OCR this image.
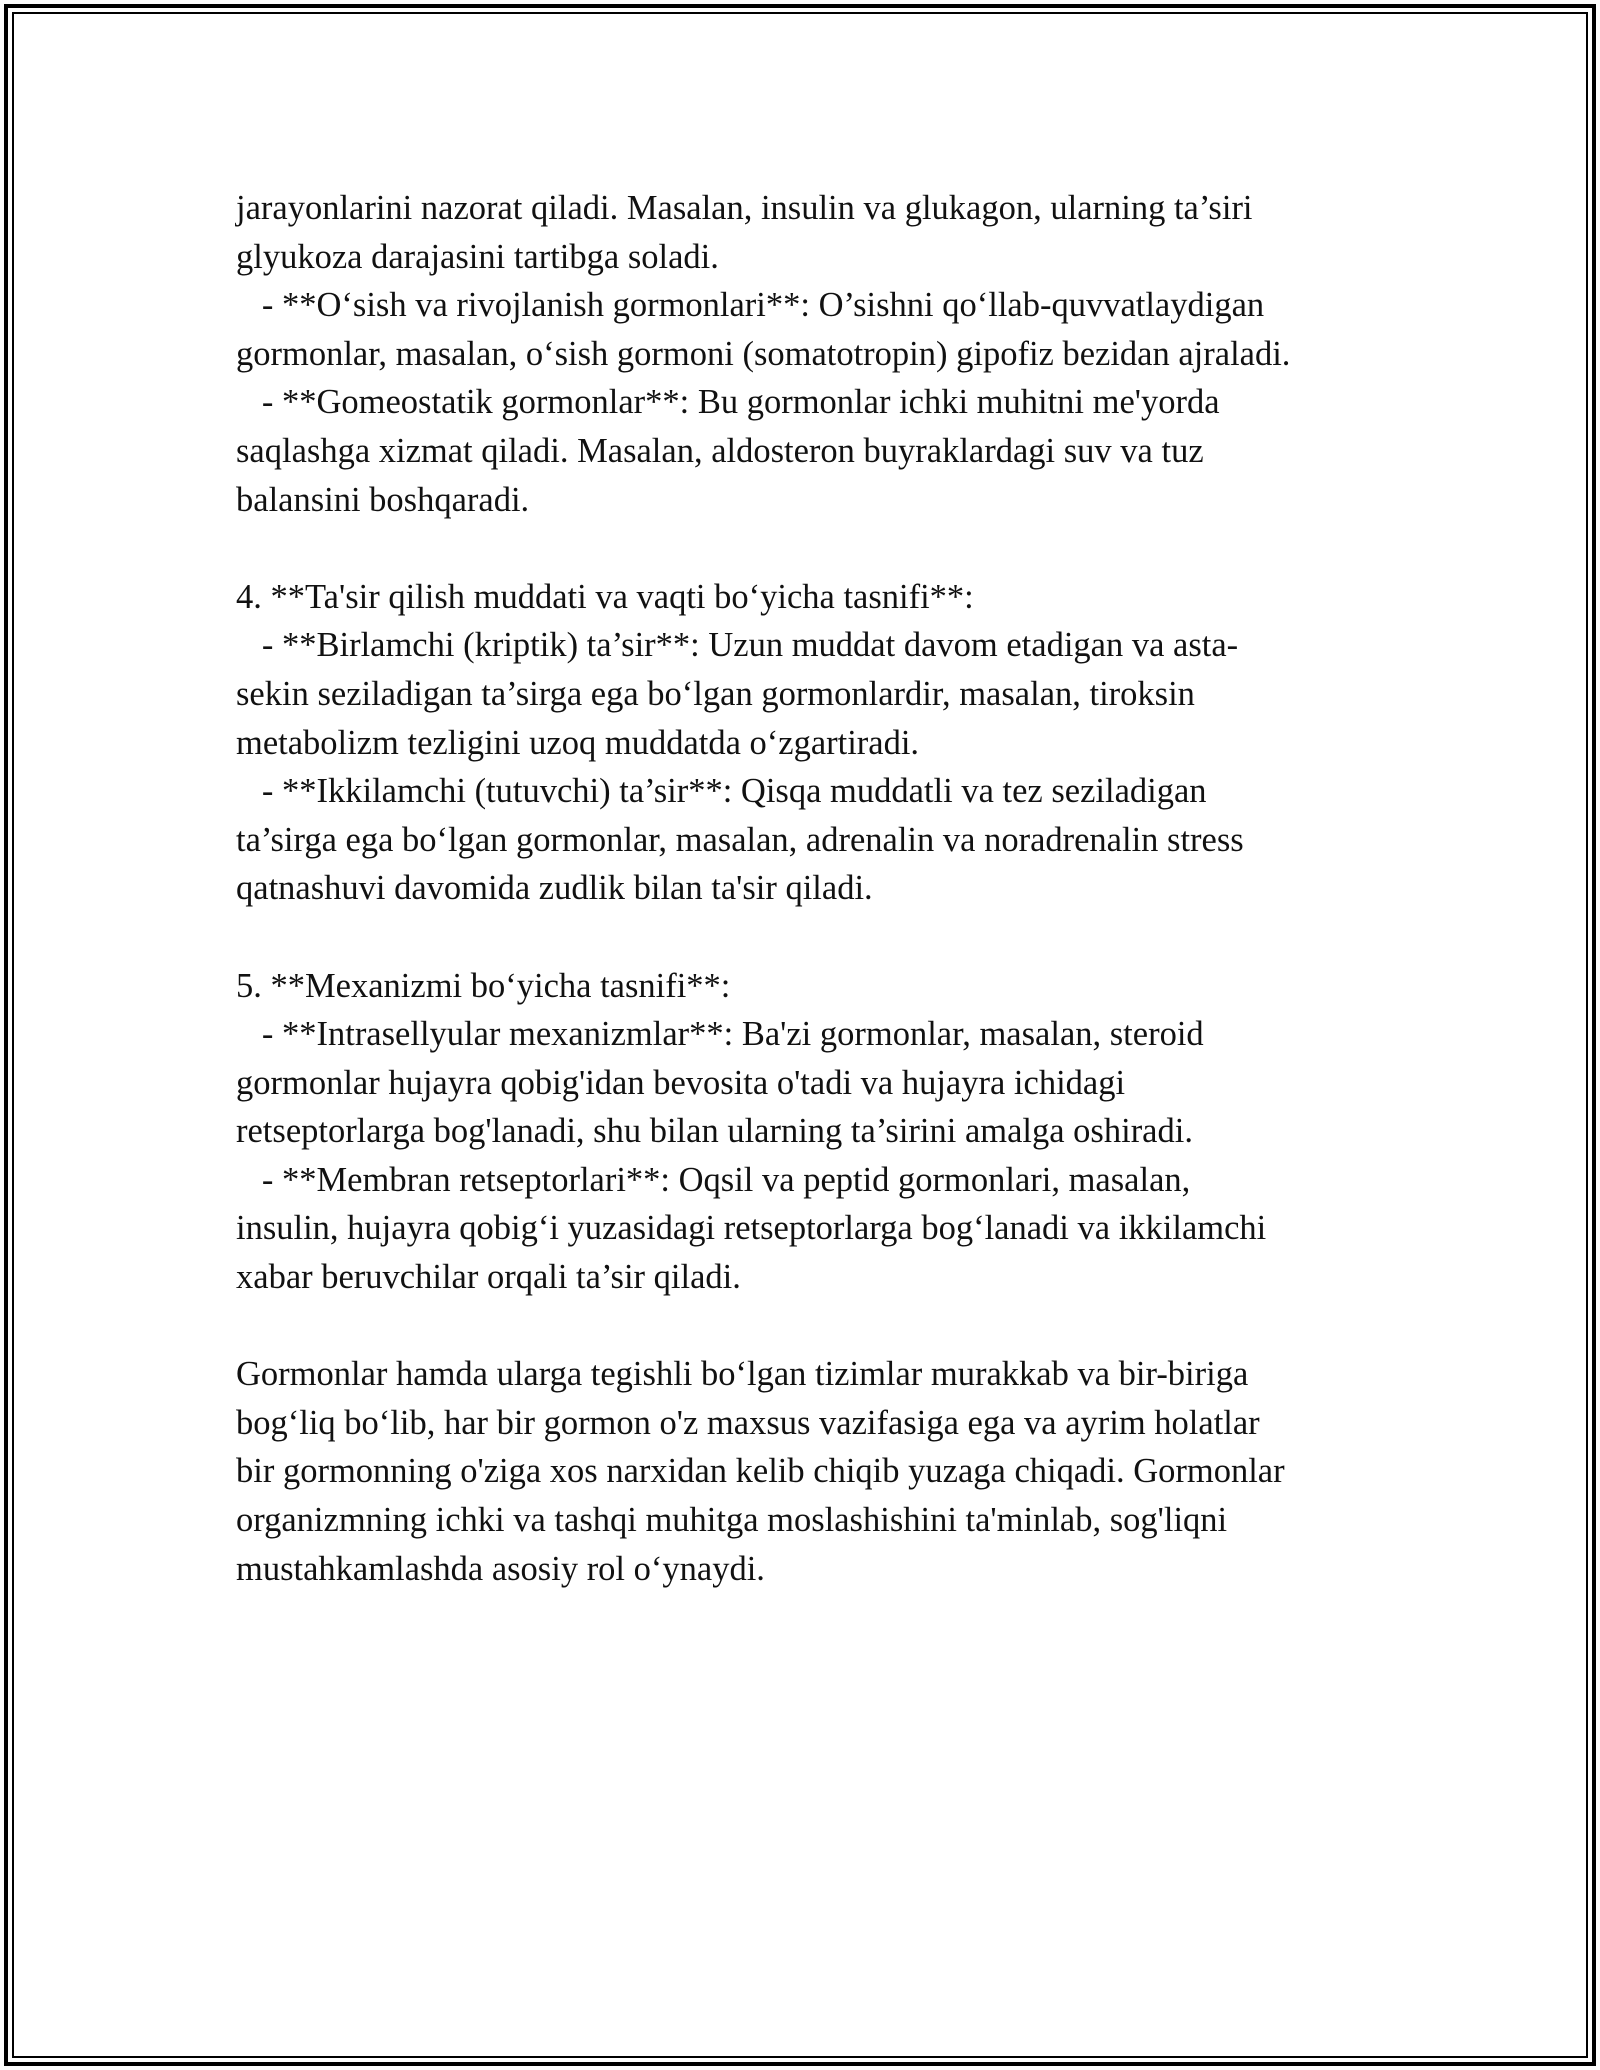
jarayonlarini nazorat qiladi. Masalan, insulin va glukagon, ularning ta’siri
glyukoza darajasini tartibga soladi.
- **O‘sish va rivojlanish gormonlari**: O’sishni qo‘llab-quvvatlaydigan
gormonlar, masalan, o‘sish gormoni (somatotropin) gipofiz bezidan ajraladi.
- **Gomeostatik gormonlar**: Bu gormonlar ichki muhitni me'yorda
saqlashga xizmat qiladi. Masalan, aldosteron buyraklardagi suv va tuz
balansini boshqaradi.
4. **Ta'sir qilish muddati va vaqti bo‘yicha tasnifi**:
- **Birlamchi (kriptik) ta’sir**: Uzun muddat davom etadigan va asta-
sekin seziladigan ta’sirga ega bo‘lgan gormonlardir, masalan, tiroksin
metabolizm tezligini uzoq muddatda o‘zgartiradi.
- **Ikkilamchi (tutuvchi) ta’sir**: Qisqa muddatli va tez seziladigan
ta’sirga ega bo‘lgan gormonlar, masalan, adrenalin va noradrenalin stress
qatnashuvi davomida zudlik bilan ta'sir qiladi.
5. **Mexanizmi bo‘yicha tasnifi**:
- **Intrasellyular mexanizmlar**: Ba'zi gormonlar, masalan, steroid
gormonlar hujayra qobig'idan bevosita o'tadi va hujayra ichidagi
retseptorlarga bog'lanadi, shu bilan ularning ta’sirini amalga oshiradi.
- **Membran retseptorlari**: Oqsil va peptid gormonlari, masalan,
insulin, hujayra qobig‘i yuzasidagi retseptorlarga bog‘lanadi va ikkilamchi
xabar beruvchilar orqali ta’sir qiladi.
Gormonlar hamda ularga tegishli bo‘lgan tizimlar murakkab va bir-biriga
bog‘liq bo‘lib, har bir gormon o'z maxsus vazifasiga ega va ayrim holatlar
bir gormonning o'ziga xos narxidan kelib chiqib yuzaga chiqadi. Gormonlar
organizmning ichki va tashqi muhitga moslashishini ta'minlab, sog'liqni
mustahkamlashda asosiy rol o‘ynaydi.
